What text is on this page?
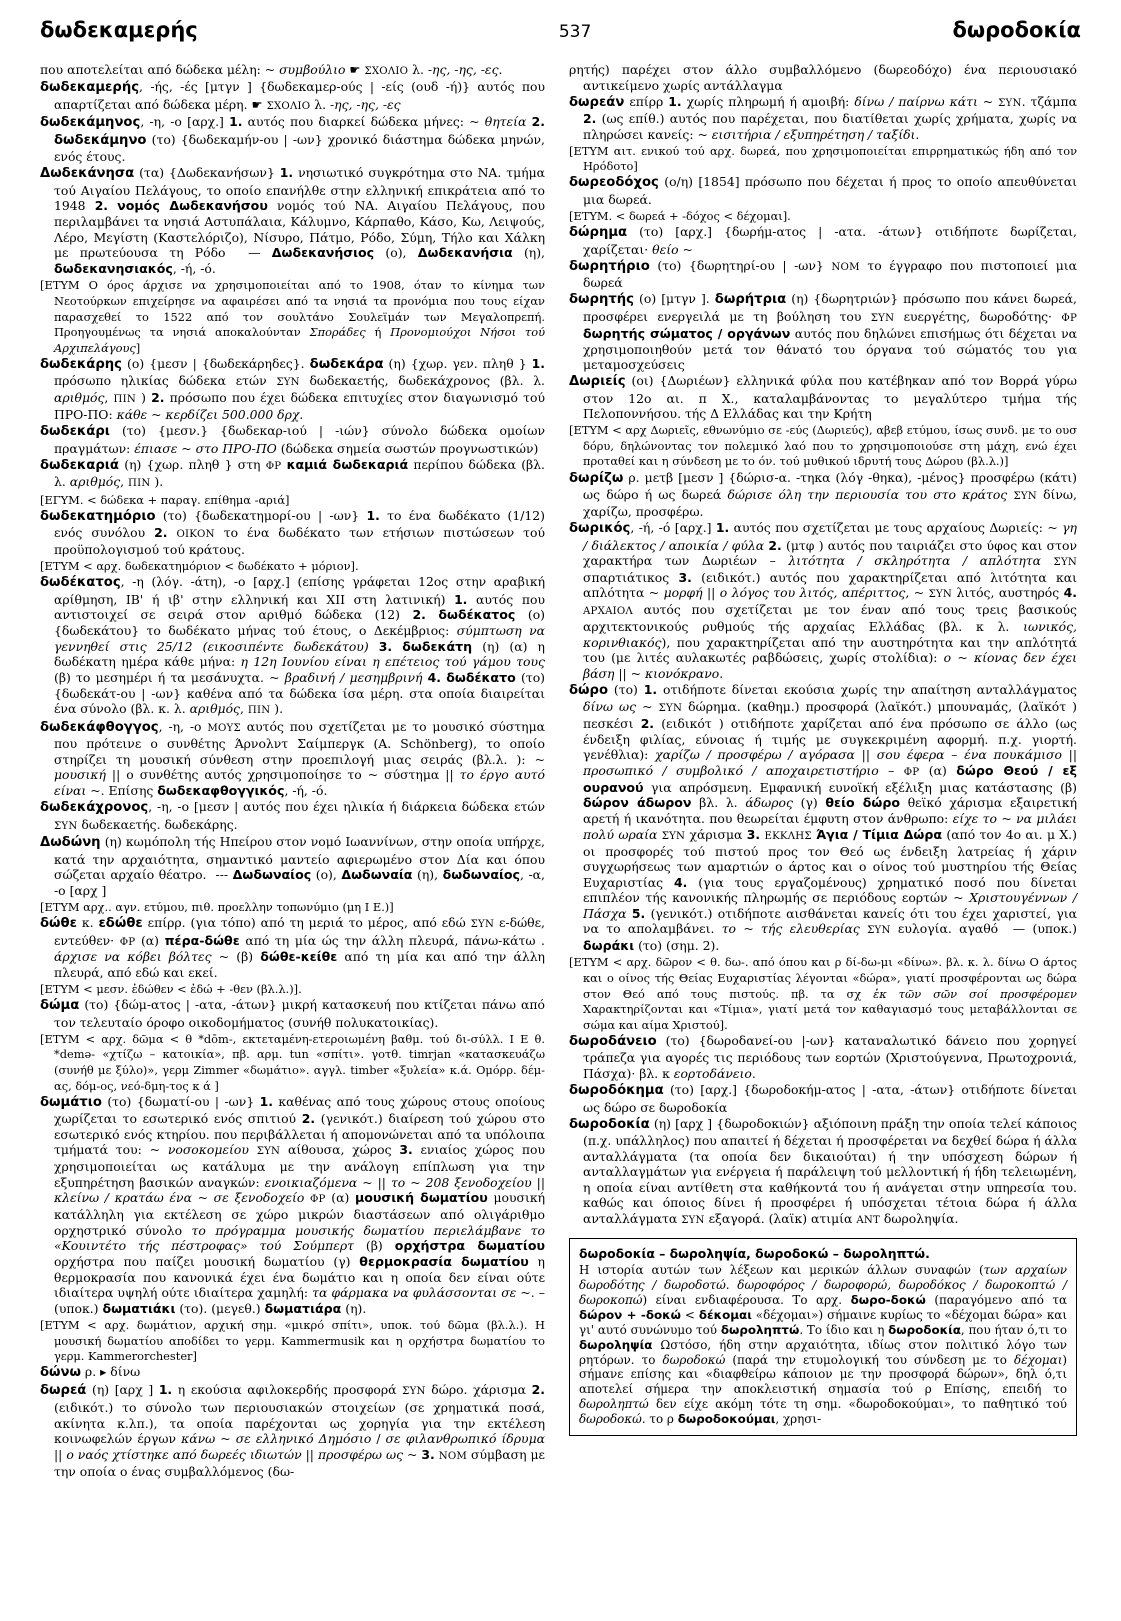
δωδεκαμερής	537	δωροδοκία
που αποτελείται από δώδεκα μέλη: ~ συμβούλιο ☛ ΣΧΟΛΙΟ λ. -ης, -ης, -ες.
δωδεκαμερής, -ής, -ές [μτγν ] {δωδεκαμερ-ούς | -είς (ουδ -ή)} αυτός που απαρτίζεται από δώδεκα μέρη. ☛ ΣΧΟΛΙΟ λ. -ης, -ης, -ες
δωδεκάμηνος, -η, -ο [αρχ.] 1. αυτός που διαρκεί δώδεκα μήνες: ~ θητεία 2. δωδεκάμηνο (το) {δωδεκαμήν-ου | -ων} χρονικό διάστημα δώδεκα μηνών, ενός έτους.
Δωδεκάνησα (τα) {Δωδεκανήσων} 1. νησιωτικό συγκρότημα στο ΝΑ. τμήμα τού Αιγαίου Πελάγους, το οποίο επανήλθε στην ελληνική επικράτεια από το 1948 2. νομός Δωδεκανήσου νομός τού ΝΑ. Αιγαίου Πελάγους, που περιλαμβάνει τα νησιά Αστυπάλαια, Κάλυμνο, Κάρπαθο, Κάσο, Κω, Λειψούς, Λέρο, Μεγίστη (Καστελόριζο), Νίσυρο, Πάτμο, Ρόδο, Σύμη, Τήλο και Χάλκη με πρωτεύουσα τη Ρόδο  — Δωδεκανήσιος (ο), Δωδεκανήσια (η), δωδεκανησιακός, -ή, -ό.
[ΕΤΥΜ Ο όρος άρχισε να χρησιμοποιείται από το 1908, όταν το κίνημα των Νεοτούρκων επιχείρησε να αφαιρέσει από τα νησιά τα προνόμια που τους είχαν παρασχεθεί το 1522 από τον σουλτάνο Σουλεϊμάν των Μεγαλοπρεπή. Προηγουμένως τα νησιά αποκαλούνταν Σποράδες ή Προνομιούχοι Νήσοι τού Αρχιπελάγους]
δωδεκάρης (ο) {μεσν | {δωδεκάρηδες}. δωδεκάρα (η) {χωρ. γεν. πληθ } 1. πρόσωπο ηλικίας δώδεκα ετών ΣΥΝ δωδεκαετής, δωδεκάχρονος (βλ. λ. αριθμός, ΠΙΝ ) 2. πρόσωπο που έχει δώδεκα επιτυχίες στον διαγωνισμό τού ΠΡΟ-ΠΟ: κάθε ~ κερδίζει 500.000 δρχ.
δωδεκάρι (το) {μεσν.} {δωδεκαρ-ιού | -ιών} σύνολο δώδεκα ομοίων πραγμάτων: έπιασε ~ στο ΠΡΟ-ΠΟ (δώδεκα σημεία σωστών προγνωστικών)
δωδεκαριά (η) {χωρ. πληθ } στη ΦΡ καμιά δωδεκαριά περίπου δώδεκα (βλ. λ. αριθμός, ΠΙΝ ).
[ΕΓΥΜ. < δώδεκα + παραγ. επίθημα -αριά]
δωδεκατημόριο (το) {δωδεκατημορί-ου | -ων} 1. το ένα δωδέκατο (1/12) ενός συνόλου 2. ΟΙΚΟΝ το ένα δωδέκατο των ετήσιων πιστώσεων τού προϋπολογισμού τού κράτους.
[ΕΤΥΜ < αρχ. δωδεκατημόριον < δωδέκατο + μόριον].
δωδέκατος, -η (λόγ. -άτη), -ο [αρχ.] (επίσης γράφεται 12ος στην αραβική αρίθμηση, ΙΒ' ή ιβ' στην ελληνική και ΧΙΙ στη λατινική) 1. αυτός που αντιστοιχεί σε σειρά στον αριθμό δώδεκα (12) 2. δωδέκατος (ο) {δωδεκάτου} το δωδέκατο μήνας τού έτους, ο Δεκέμβριος: σύμπτωση να γεννηθεί στις 25/12 (εικοσιπέντε δωδεκάτου) 3. δωδεκάτη (η) (α) η δωδέκατη ημέρα κάθε μήνα: η 12η Ιουνίου είναι η επέτειος τού γάμου τους (β) το μεσημέρι ή τα μεσάνυχτα. ~ βραδινή / μεσημβρινή 4. δωδέκατο (το) {δωδεκάτ-ου | -ων} καθένα από τα δώδεκα ίσα μέρη. στα οποία διαιρείται ένα σύνολο (βλ. κ. λ. αριθμός, ΠΙΝ ).
δωδεκάφθογγος, -η, -ο ΜΟΥΣ αυτός που σχετίζεται με το μουσικό σύστημα που πρότεινε ο συνθέτης Άρνολντ Σαίμπεργκ (A. Schönberg), το οποίο στηρίζει τη μουσική σύνθεση στην προεπιλογή μιας σειράς (βλ.λ. ): ~ μουσική || ο συνθέτης αυτός χρησιμοποίησε το ~ σύστημα || το έργο αυτό είναι ~. Επίσης δωδεκαφθογγικός, -ή, -ό.
δωδεκάχρονος, -η, -ο [μεσν | αυτός που έχει ηλικία ή διάρκεια δώδεκα ετών ΣΥΝ δωδεκαετής. δωδεκάρης.
Δωδώνη (η) κωμόπολη τής Ηπείρου στον νομό Ιωαννίνων, στην οποία υπήρχε, κατά την αρχαιότητα, σημαντικό μαντείο αφιερωμένο στον Δία και όπου σώζεται αρχαίο θέατρο.  --- Δωδωναίος (ο), Δωδωναία (η), δωδωναίος, -α, -ο [αρχ ]
[ΕΤΥΜ αρχ.. αγν. ετύμου, πιθ. προελλην τοπωνύμιο (μη Ι Ε.)]
δώθε κ. εδώθε επίρρ. (για τόπο) από τη μεριά το μέρος, από εδώ ΣΥΝ ε-δώθε, εντεύθεν· ΦΡ (α) πέρα-δώθε από τη μία ώς την άλλη πλευρά, πάνω-κάτω . άρχισε να κόβει βόλτες ~ (β) δώθε-κείθε από τη μία και από την άλλη πλευρά, από εδώ και εκεί.
[ΕΤΥΜ < μεσν. ἐδώθεν < ἐδώ + -θεν (βλ.λ.)].
δώμα (το) {δώμ-ατος | -ατα, -άτων} μικρή κατασκευή που κτίζεται πάνω από τον τελευταίο όροφο οικοδομήματος (συνήθ πολυκατοικίας).
[ΕΤΥΜ < αρχ. δῶμα < θ *dōm-, εκτεταμένη-ετεροιωμένη βαθμ. τού δι-σύλλ. Ι Ε θ. *demǝ- «χτίζω – κατοικία», πβ. αρμ. tun «σπίτι». γοτθ. timrjan «κατασκευάζω (συνήθ με ξύλο)», γερμ Zimmer «δωμάτιο». αγγλ. timber «ξυλεία» κ.ά. Ομόρρ. δέμ-ας, δόμ-ος, νεό-δμη-τος κ ά ]
δωμάτιο (το) {δωματί-ου | -ων} 1. καθένας από τους χώρους στους οποίους χωρίζεται το εσωτερικό ενός σπιτιού 2. (γενικότ.) διαίρεση τού χώρου στο εσωτερικό ενός κτηρίου. που περιβάλλεται ή απομονώνεται από τα υπόλοιπα τμήματά του: ~ νοσοκομείου ΣΥΝ αίθουσα, χώρος 3. ενιαίος χώρος που χρησιμοποιείται ως κατάλυμα με την ανάλογη επίπλωση για την εξυπηρέτηση βασικών αναγκών: ενοικιαζόμενα ~ || το ~ 208 ξενοδοχείου || κλείνω / κρατάω ένα ~ σε ξενοδοχείο ΦΡ (α) μουσική δωματίου μουσική κατάλληλη για εκτέλεση σε χώρο μικρών διαστάσεων από ολιγάριθμο ορχηστρικό σύνολο το πρόγραμμα μουσικής δωματίου περιελάμβανε το «Κουιντέτο τής πέστροφας» τού Σούμπερτ (β) ορχήστρα δωματίου ορχήστρα που παίζει μουσική δωματίου (γ) θερμοκρασία δωματίου η θερμοκρασία που κανονικά έχει ένα δωμάτιο και η οποία δεν είναι ούτε ιδιαίτερα υψηλή ούτε ιδιαίτερα χαμηλή: τα φάρμακα να φυλάσσονται σε ~. – (υποκ.) δωματιάκι (το). (μεγεθ.) δωματιάρα (η).
[ΕΤΥΜ < αρχ. δωμάτιον, αρχική σημ. «μικρό σπίτι», υποκ. τού δῶμα (βλ.λ.). Η μουσική δωματίου αποδίδει το γερμ. Kammermusik και η ορχήστρα δωματίου το γερμ. Kammerorchester]
δώνω ρ. ▸ δίνω
δωρεά (η) [αρχ ] 1. η εκούσια αφιλοκερδής προσφορά ΣΥΝ δώρο. χάρισμα 2. (ειδικότ.) το σύνολο των περιουσιακών στοιχείων (σε χρηματικά ποσά, ακίνητα κ.λπ.), τα οποία παρέχονται ως χορηγία για την εκτέλεση κοινωφελών έργων κάνω ~ σε ελληνικό Δημόσιο / σε φιλανθρωπικό ίδρυμα || ο ναός χτίστηκε από δωρεές ιδιωτών || προσφέρω ως ~ 3. ΝΟΜ σύμβαση με την οποία ο ένας συμβαλλόμενος (δω-
ρητής) παρέχει στον άλλο συμβαλλόμενο (δωρεοδόχο) ένα περιουσιακό αντικείμενο χωρίς αντάλλαγμα
δωρεάν επίρρ 1. χωρίς πληρωμή ή αμοιβή: δίνω / παίρνω κάτι ~ ΣΥΝ. τζάμπα 2. (ως επίθ.) αυτός που παρέχεται, που διατίθεται χωρίς χρήματα, χωρίς να πληρώσει κανείς: ~ εισιτήρια / εξυπηρέτηση / ταξίδι.
[ΕΤΥΜ αιτ. ενικού τού αρχ. δωρεά, που χρησιμοποιείται επιρρηματικώς ήδη από τον Ηρόδοτο]
δωρεοδόχος (ο/η) [1854] πρόσωπο που δέχεται ή προς το οποίο απευθύνεται μια δωρεά.
[ΕΤΥΜ. < δωρεά + -δόχος < δέχομαι].
δώρημα (το) [αρχ.] {δωρήμ-ατος | -ατα. -άτων} οτιδήποτε δωρίζεται, χαρίζεται· θείο ~
δωρητήριο (το) {δωρητηρί-ου | -ων} ΝΟΜ το έγγραφο που πιστοποιεί μια δωρεά
δωρητής (ο) [μτγν ]. δωρήτρια (η) {δωρητριών} πρόσωπο που κάνει δωρεά, προσφέρει ενεργειλά με τη βούληση του ΣΥΝ ευεργέτης, δωροδότης· ΦΡ δωρητής σώματος / οργάνων αυτός που δηλώνει επισήμως ότι δέχεται να χρησιμοποιηθούν μετά τον θάνατό του όργανα τού σώματός του για μεταμοσχεύσεις
Δωριείς (οι) {Δωριέων} ελληνικά φύλα που κατέβηκαν από τον Βορρά γύρω στον 12ο αι. π Χ., καταλαμβάνοντας το μεγαλύτερο τμήμα τής Πελοποννήσου. τής Δ Ελλάδας και την Κρήτη
[ΕΤΥΜ < αρχ Δωριεῖς, εθνωνύμιο σε -εύς (Δωριεύς), αβεβ ετύμου, ίσως συνδ. με το ουσ δόρυ, δηλώνοντας τον πολεμικό λαό που το χρησιμοποιούσε στη μάχη, ενώ έχει προταθεί και η σύνδεση με το όν. τού μυθικού ιδρυτή τους Δώρου (βλ.λ.)]
δωρίζω ρ. μετβ [μεσν ] {δώρισ-α. -τηκα (λόγ -θηκα), -μένος} προσφέρω (κάτι) ως δώρο ή ως δωρεά δώρισε όλη την περιουσία του στο κράτος ΣΥΝ δίνω, χαρίζω, προσφέρω.
δωρικός, -ή, -ό [αρχ.] 1. αυτός που σχετίζεται με τους αρχαίους Δωριείς: ~ γη / διάλεκτος / αποικία / φύλα 2. (μτφ ) αυτός που ταιριάζει στο ύφος και στον χαρακτήρα των Δωριέων – λιτότητα / σκληρότητα / απλότητα ΣΥΝ σπαρτιάτικος 3. (ειδικότ.) αυτός που χαρακτηρίζεται από λιτότητα και απλότητα ~ μορφή || ο λόγος του λιτός, απέριττος, ~ ΣΥΝ λιτός, αυστηρός 4. ΑΡΧΑΙΟΛ αυτός που σχετίζεται με τον έναν από τους τρεις βασικούς αρχιτεκτονικούς ρυθμούς τής αρχαίας Ελλάδας (βλ. κ λ. ιωνικός, κορινθιακός), που χαρακτηρίζεται από την αυστηρότητα και την απλότητά του (με λιτές αυλακωτές ραβδώσεις, χωρίς στολίδια): ο ~ κίονας δεν έχει βάση || ~ κιονόκρανο.
δώρο (το) 1. οτιδήποτε δίνεται εκούσια χωρίς την απαίτηση ανταλλάγματος δίνω ως ~ ΣΥΝ δώρημα. (καθημ.) προσφορά (λαϊκότ.) μπουναμάς, (λαϊκότ ) πεσκέσι 2. (ειδικότ ) οτιδήποτε χαρίζεται από ένα πρόσωπο σε άλλο (ως ένδειξη φιλίας, εύνοιας ή τιμής με συγκεκριμένη αφορμή. π.χ. γιορτή. γενέθλια): χαρίζω / προσφέρω / αγόρασα || σου έφερα – ένα πουκάμισο || προσωπικό / συμβολικό / αποχαιρετιστήριο – ΦΡ (α) δώρο Θεού / εξ ουρανού για απρόσμενη. Εμφανική ευνοϊκή εξέλιξη μιας κατάστασης (β) δώρον άδωρον βλ. λ. άδωρος (γ) θείο δώρο θεϊκό χάρισμα εξαιρετική αρετή ή ικανότητα. που θεωρείται έμφυτη στον άνθρωπο: είχε το ~ να μιλάει πολύ ωραία ΣΥΝ χάρισμα 3. ΕΚΚΛΗΣ Άγια / Τίμια Δώρα (από τον 4ο αι. μ Χ.) οι προσφορές τού πιστού προς τον Θεό ως ένδειξη λατρείας ή χάριν συγχωρήσεως των αμαρτιών ο άρτος και ο οίνος τού μυστηρίου τής Θείας Ευχαριστίας 4. (για τους εργαζομένους) χρηματικό ποσό που δίνεται επιπλέον τής κανονικής πληρωμής σε περιόδους εορτών ~ Χριστουγέννων / Πάσχα 5. (γενικότ.) οτιδήποτε αισθάνεται κανείς ότι του έχει χαριστεί, για να το απολαμβάνει. το ~ τής ελευθερίας ΣΥΝ ευλογία. αγαθό  — (υποκ.) δωράκι (το) (σημ. 2).
[ΕΤΥΜ < αρχ. δῶρον < θ. δω-. από όπου και ρ δί-δω-μι «δίνω». βλ. κ. λ. δίνω Ο άρτος και ο οίνος τής Θείας Ευχαριστίας λέγονται «δώρα», γιατί προσφέρονται ως δώρα στον Θεό από τους πιστούς. πβ. τα σχ ἐκ τῶν σῶν σοί προσφέρομεν Χαρακτηρίζονται και «Τίμια», γιατί μετά τον καθαγιασμό τους μεταβάλλονται σε σώμα και αίμα Χριστού].
δωροδάνειο (το) {δωροδανεί-ου |-ων} καταναλωτικό δάνειο που χορηγεί τράπεζα για αγορές τις περιόδους των εορτών (Χριστούγεννα, Πρωτοχρονιά, Πάσχα)· βλ. κ εορτοδάνειο.
δωροδόκημα (το) [αρχ.] {δωροδοκήμ-ατος | -ατα, -άτων} οτιδήποτε δίνεται ως δώρο σε δωροδοκία
δωροδοκία (η) [αρχ ] {δωροδοκιών} αξιόποινη πράξη την οποία τελεί κάποιος (π.χ. υπάλληλος) που απαιτεί ή δέχεται ή προσφέρεται να δεχθεί δώρα ή άλλα ανταλλάγματα (τα οποία δεν δικαιούται) ή την υπόσχεση δώρων ή ανταλλαγμάτων για ενέργεια ή παράλειψη τού μελλοντική ή ήδη τελειωμένη, η οποία είναι αντίθετη στα καθήκοντά του ή ανάγεται στην υπηρεσία του. καθώς και όποιος δίνει ή προσφέρει ή υπόσχεται τέτοια δώρα ή άλλα ανταλλάγματα ΣΥΝ εξαγορά. (λαϊκ) ατιμία ΑΝΤ δωροληψία.
δωροδοκία – δωροληψία, δωροδοκώ – δωροληπτώ.
Η ιστορία αυτών των λέξεων και μερικών άλλων συναφών (των αρχαίων δωροδότης / δωροδοτώ. δωροφόρος / δωροφορώ, δωροδόκος / δωροκοπτώ / δωροκοπώ) είναι ενδιαφέρουσα. Το αρχ. δωρο-δοκώ (παραγόμενο από τα δώρον + -δοκώ < δέκομαι «δέχομαι») σήμαινε κυρίως το «δέχομαι δώρα» και γι' αυτό συνώνυμο τού δωροληπτώ. Το ίδιο και η δωροδοκία, που ήταν ό,τι το δωροληψία Ωστόσο, ήδη στην αρχαιότητα, ιδίως στον πολιτικό λόγο των ρητόρων. το δωροδοκώ (παρά την ετυμολογική του σύνδεση με το δέχομαι) σήμανε επίσης και «διαφθείρω κάποιον με την προσφορά δώρων», δηλ ό,τι αποτελεί σήμερα την αποκλειστική σημασία τού ρ Επίσης, επειδή το δωροληπτώ δεν είχε ακόμη τότε τη σημ. «δωροδοκούμαι», το παθητικό τού δωροδοκώ. το ρ δωροδοκούμαι, χρησι-
